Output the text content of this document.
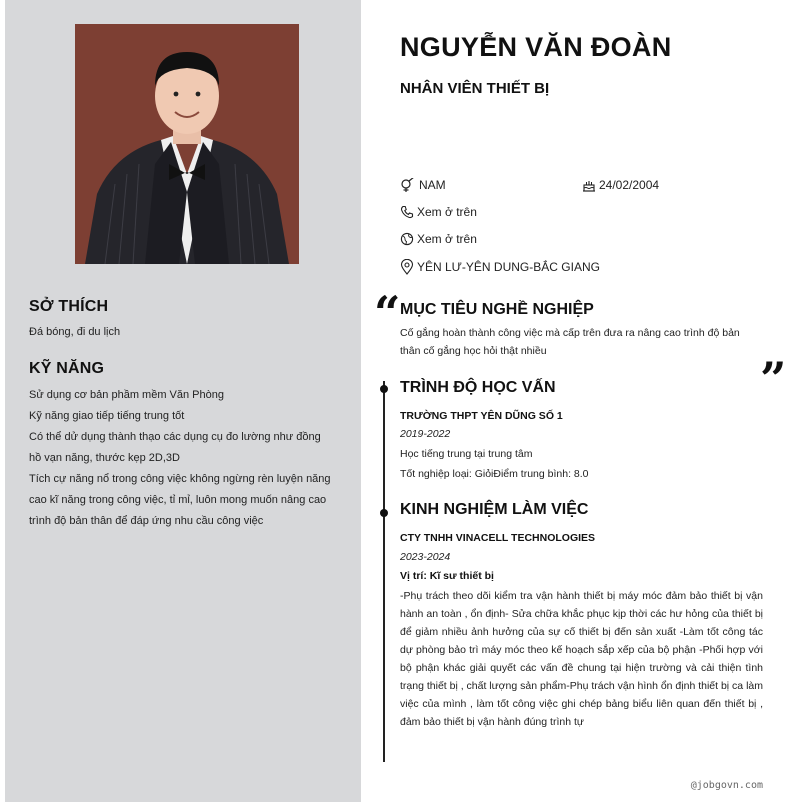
SỞ THÍCH
Đá bóng, đi du lịch
KỸ NĂNG
Sử dụng cơ bản phầm mềm Văn Phòng
Kỹ năng giao tiếp tiếng trung tốt
Có thể dử dụng thành thạo các dụng cụ đo lường như đồng
hồ vạn năng, thước kẹp 2D,3D
Tích cự năng nổ trong công việc không ngừng rèn luyện năng
cao kĩ năng trong công việc, tỉ mỉ, luôn mong muốn nâng cao
trình độ bản thân để đáp ứng nhu cầu công việc
NGUYỄN VĂN ĐOÀN
NHÂN VIÊN THIẾT BỊ
NAM	24/02/2004
Xem ở trên
Xem ở trên
YÊN LƯ-YÊN DUNG-BẮC GIANG
“ MỤC TIÊU NGHỀ NGHIỆP
Cố gắng hoàn thành công việc mà cấp trên đưa ra nâng cao trình độ bản thân cố gắng học hỏi thật nhiều
”
TRÌNH ĐỘ HỌC VẤN
TRƯỜNG THPT YÊN DŨNG SỐ 1
2019-2022
Học tiếng trung tại trung tâm
Tốt nghiệp loại: GiỏiĐiểm trung bình: 8.0
KINH NGHIỆM LÀM VIỆC
CTY TNHH VINACELL TECHNOLOGIES
2023-2024
Vị trí: Kĩ sư thiết bị
-Phụ trách theo dõi kiểm tra vận hành thiết bị máy móc đảm bảo thiết bị vận hành an toàn , ổn định- Sửa chữa khắc phục kịp thời các hư hỏng của thiết bị để giảm nhiều ảnh hưởng của sự cố thiết bị đến sản xuất -Làm tốt công tác dự phòng bảo trì máy móc theo kế hoạch sắp xếp của bộ phận -Phối hợp với bộ phận khác giải quyết các vấn đề chung tại hiện trường và cải thiện tình trạng thiết bị , chất lượng sản phẩm-Phụ trách vận hình ổn định thiết bị ca làm việc của mình , làm tốt công việc ghi chép bảng biểu liên quan đến thiết bị , đảm bảo thiết bị vận hành đúng trình tự
@jobgovn.com
